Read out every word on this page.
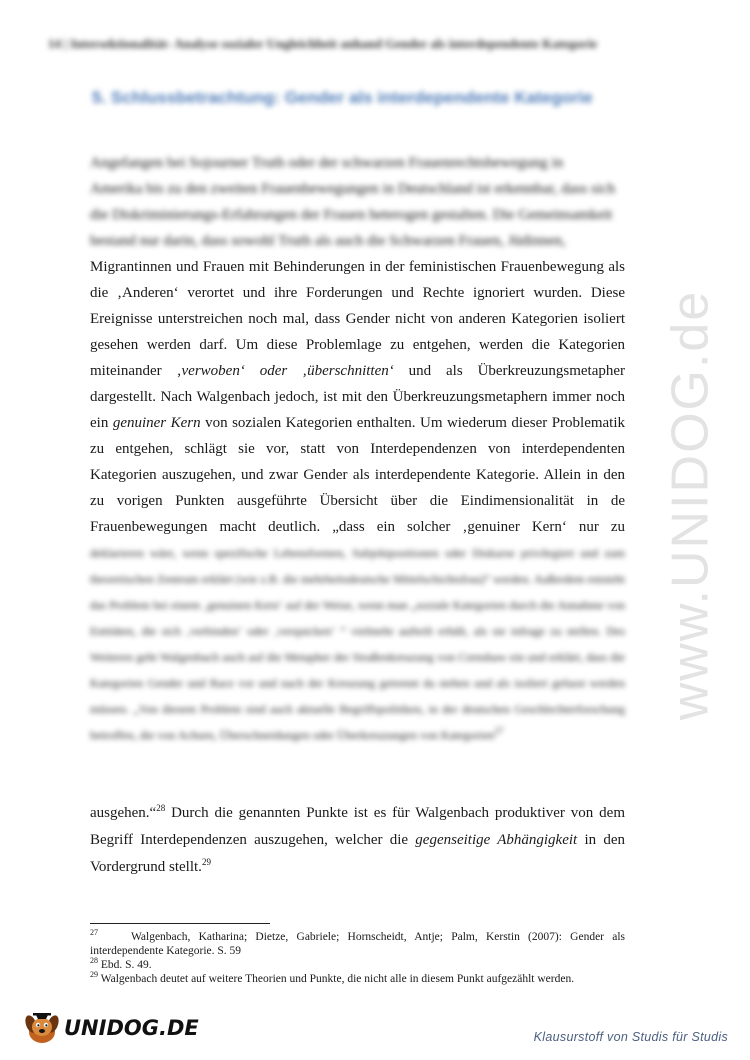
14 | Intersektionalität- Analyse sozialer Ungleichheit anhand Gender als interdependente Kategorie
5. Schlussbetrachtung: Gender als interdependente Kategorie

Angefangen bei Sojourner Truth oder der schwarzen Frauenrechtsbewegung in

Amerika bis zu den zweiten Frauenbewegungen in Deutschland ist erkennbar, dass sich

die Diskriminierungs-Erfahrungen der Frauen heterogen gestalten. Die Gemeinsamkeit

bestand nur darin, dass sowohl Truth als auch die Schwarzen Frauen, Jüdinnen,

Migrantinnen und Frauen mit Behinderungen in der feministischen Frauenbewegung als
die ‚Anderen‘ verortet und ihre Forderungen und Rechte ignoriert wurden. Diese
Ereignisse unterstreichen noch mal, dass Gender nicht von anderen Kategorien isoliert
gesehen werden darf. Um diese Problemlage zu entgehen, werden die Kategorien
miteinander ‚verwoben‘ oder ‚überschnitten‘ und als Überkreuzungsmetapher
dargestellt. Nach Walgenbach jedoch, ist mit den Überkreuzungsmetaphern immer noch
ein genuiner Kern von sozialen Kategorien enthalten. Um wiederum dieser Problematik
zu entgehen, schlägt sie vor, statt von Interdependenzen von interdependenten
Kategorien auszugehen, und zwar Gender als interdependente Kategorie. Allein in den
zu vorigen Punkten ausgeführte Übersicht über die Eindimensionalität in de
Frauenbewegungen macht deutlich. „dass ein solcher ‚genuiner Kern‘ nur zu
deklarieren wäre, wenn spezifische Lebensformen, Subjektpositionen oder Diskurse privilegiert und zum theoretischen Zentrum erklärt (wie z.B. die mehrheitsdeutsche Mittelschichtsfrau)“ werden. Außerdem entsteht das Problem bei einem ‚genuinen Kern‘ auf der Weise, wenn man „soziale Kategorien durch die Annahme von Entitäten, die sich ‚verbinden‘ oder ‚verquicken‘ “ vielmehr aufteilt erhält, als sie infrage zu stellen. Des Weiteren geht Walgenbach auch auf die Metapher der Straßenkreuzung von Crenshaw ein und erklärt, dass die Kategorien Gender und Race vor und nach der Kreuzung getrennt da stehen und als isoliert gefasst werden müssen. „Von diesem Problem sind auch aktuelle Begriffspolitiken, in der deutschen Geschlechterforschung betroffen, die von Achsen, Überschneidungen oder Überkreuzungen von Kategorien$^{27}$
ausgehen.“$^{28}$ Durch die genannten Punkte ist es für Walgenbach produktiver von dem
Begriff Interdependenzen auszugehen, welcher die gegenseitige Abhängigkeit in den
Vordergrund stellt.$^{29}$

$^{27}$	Walgenbach, Katharina; Dietze, Gabriele; Hornscheidt, Antje; Palm, Kerstin (2007): Gender als interdependente Kategorie. S. 59

$^{28}$ Ebd. S. 49.

$^{29}$ Walgenbach deutet auf weitere Theorien und Punkte, die nicht alle in diesem Punkt aufgezählt werden.

www.UNIDOG.de
UNIDOG.DE	Klausurstoff von Studis für Studis
